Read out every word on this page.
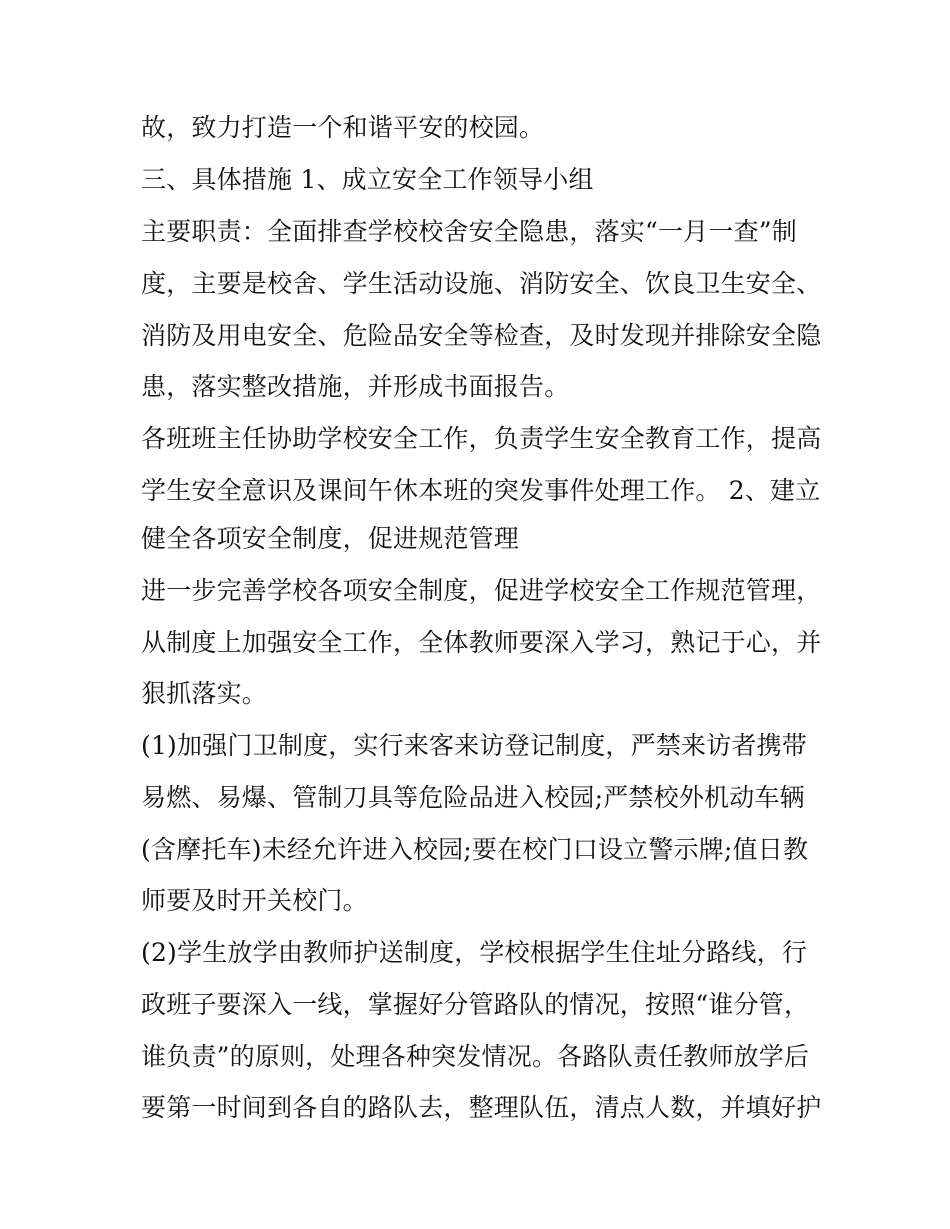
故，致力打造一个和谐平安的校园。
三、具体措施 1、成立安全工作领导小组
主要职责：全面排查学校校舍安全隐患，落实“一月一查”制
度，主要是校舍、学生活动设施、消防安全、饮良卫生安全、
消防及用电安全、危险品安全等检查，及时发现并排除安全隐
患，落实整改措施，并形成书面报告。
各班班主任协助学校安全工作，负责学生安全教育工作，提高
学生安全意识及课间午休本班的突发事件处理工作。 2、建立
健全各项安全制度，促进规范管理
进一步完善学校各项安全制度，促进学校安全工作规范管理，
从制度上加强安全工作，全体教师要深入学习，熟记于心，并
狠抓落实。
(1)加强门卫制度，实行来客来访登记制度，严禁来访者携带
易燃、易爆、管制刀具等危险品进入校园;严禁校外机动车辆
(含摩托车)未经允许进入校园;要在校门口设立警示牌;值日教
师要及时开关校门。
(2)学生放学由教师护送制度，学校根据学生住址分路线，行
政班子要深入一线，掌握好分管路队的情况，按照“谁分管，
谁负责”的原则，处理各种突发情况。各路队责任教师放学后
要第一时间到各自的路队去，整理队伍，清点人数，并填好护
